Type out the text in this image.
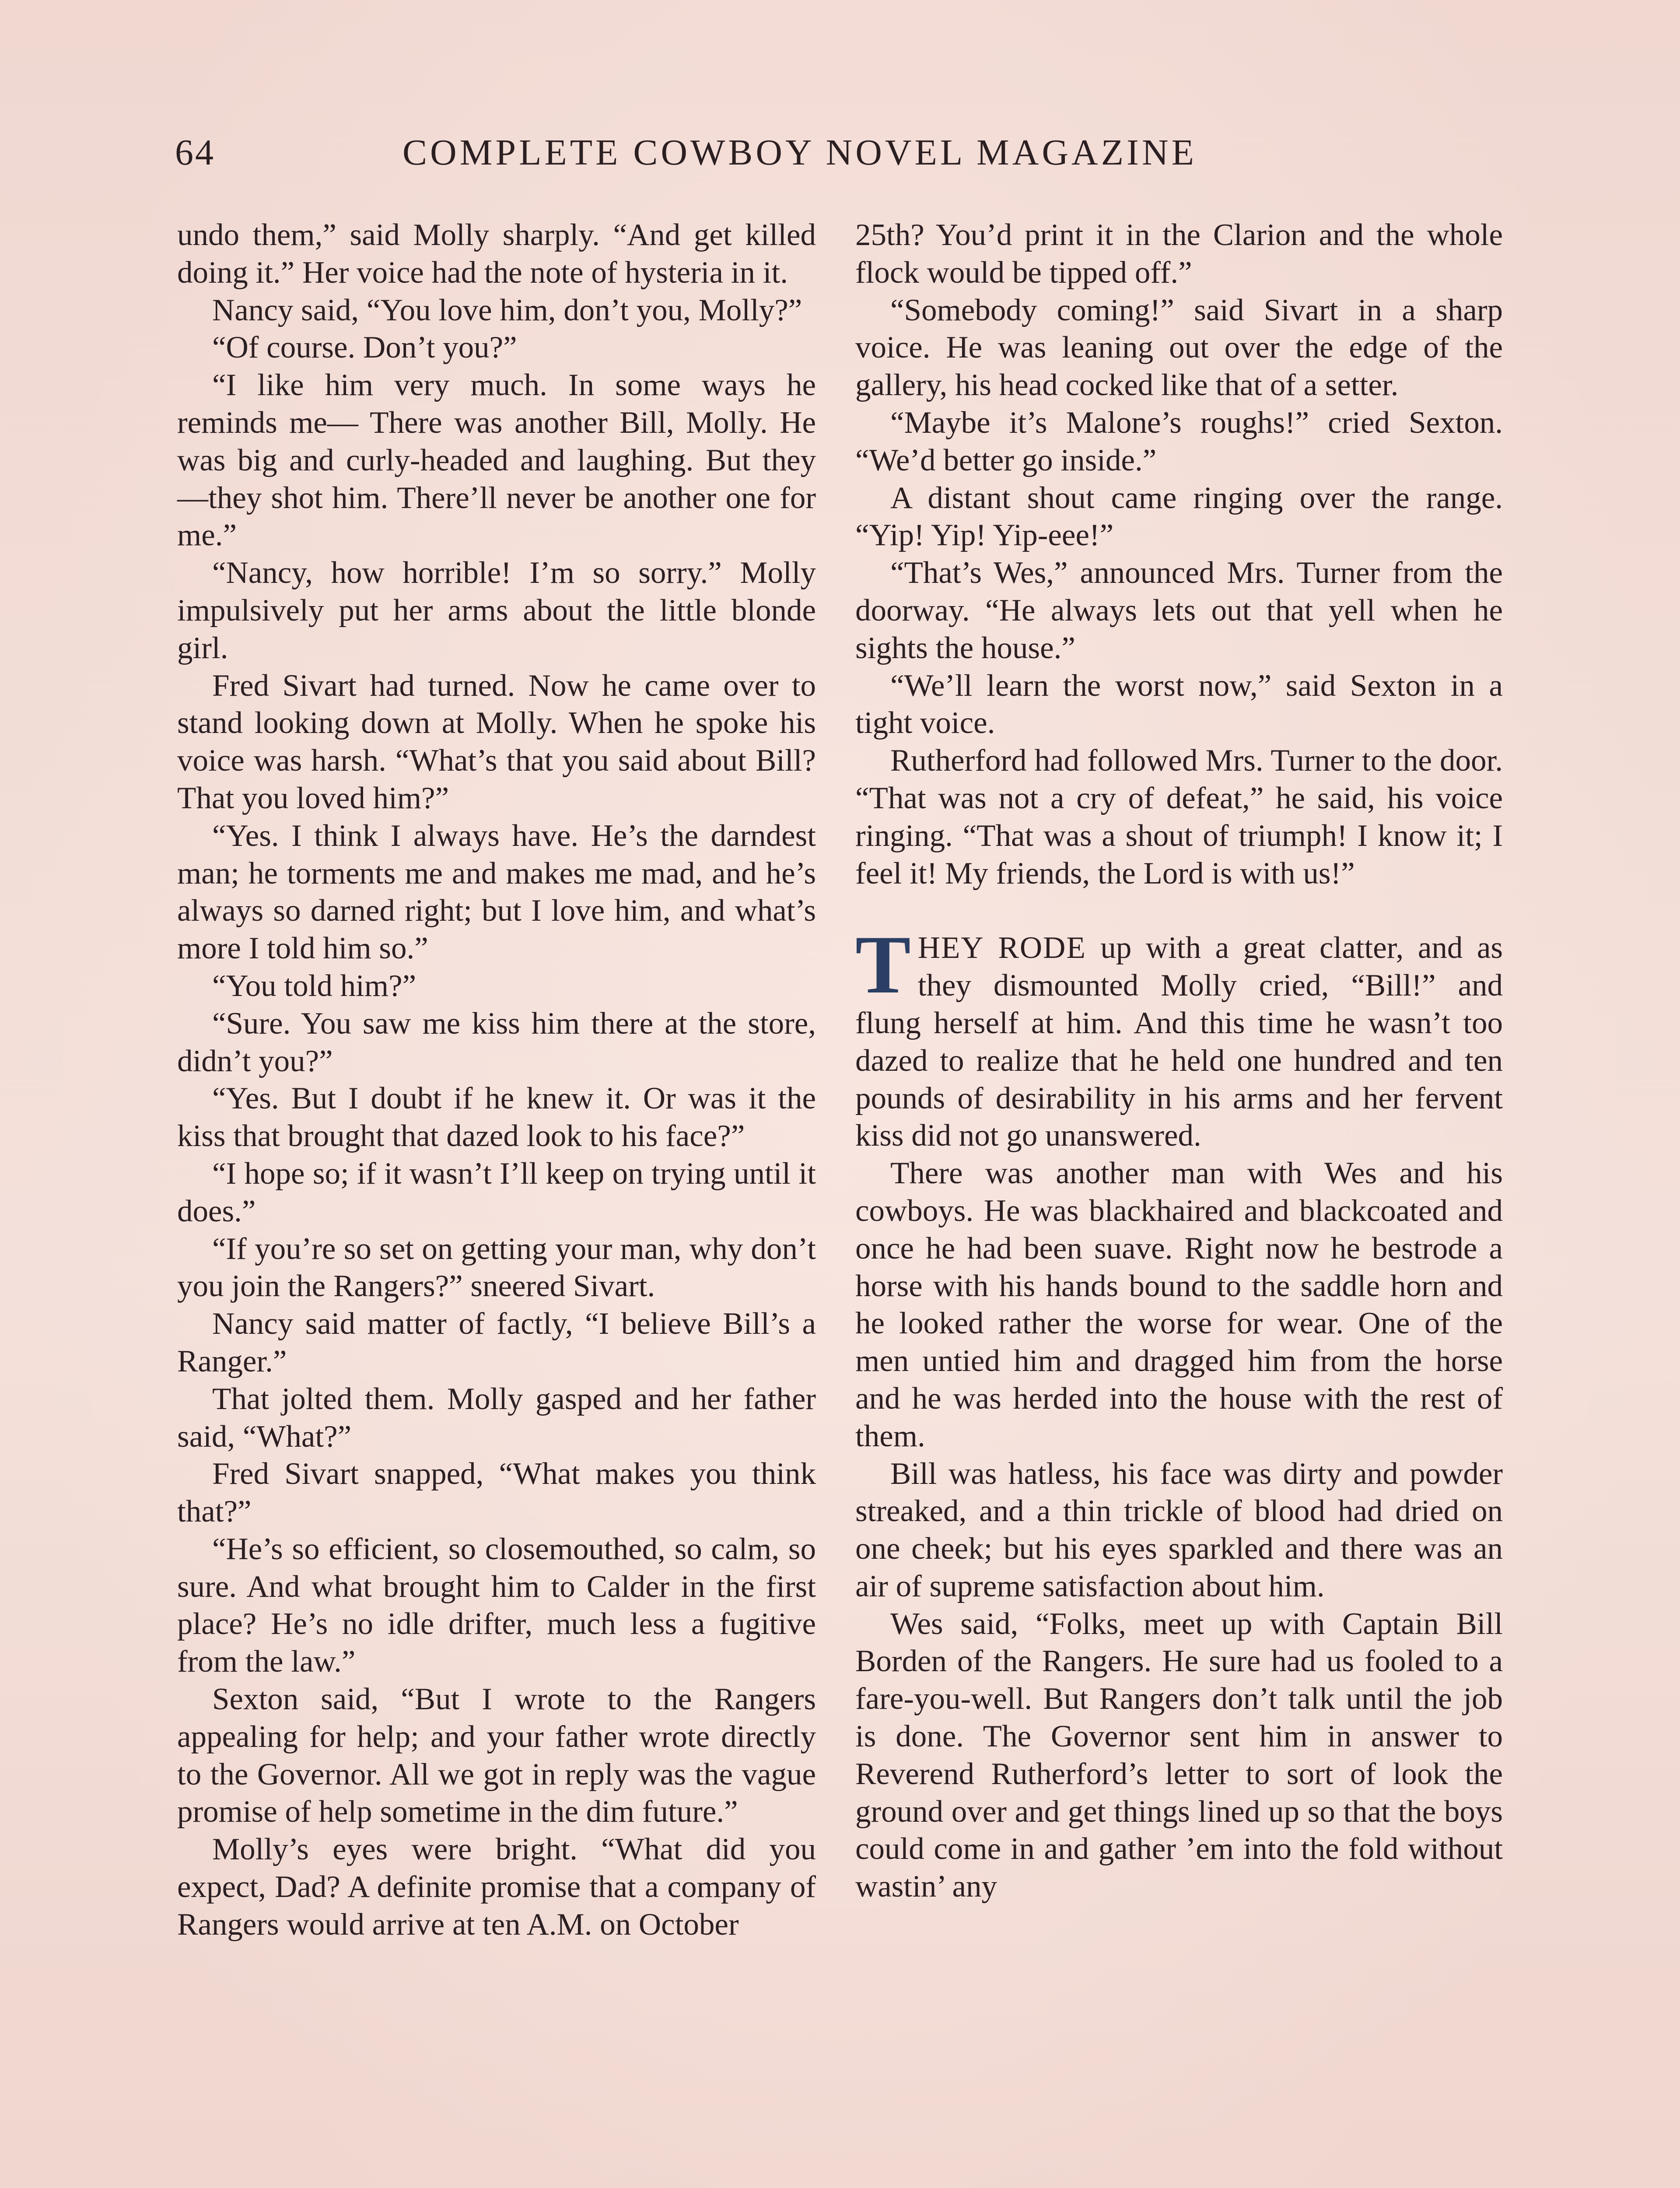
64	COMPLETE COWBOY NOVEL MAGAZINE

undo them,” said Molly sharply. “And get killed doing it.” Her voice had the note of hysteria in it.

Nancy said, “You love him, don’t you, Molly?”

“Of course. Don’t you?”

“I like him very much. In some ways he reminds me— There was another Bill, Molly. He was big and curly-headed and laughing. But they —they shot him. There’ll never be another one for me.”

“Nancy, how horrible! I’m so sorry.” Molly impulsively put her arms about the little blonde girl.

Fred Sivart had turned. Now he came over to stand looking down at Molly. When he spoke his voice was harsh. “What’s that you said about Bill? That you loved him?”

“Yes. I think I always have. He’s the darndest man; he torments me and makes me mad, and he’s always so darned right; but I love him, and what’s more I told him so.”

“You told him?”

“Sure. You saw me kiss him there at the store, didn’t you?”

“Yes. But I doubt if he knew it. Or was it the kiss that brought that dazed look to his face?”

“I hope so; if it wasn’t I’ll keep on trying until it does.”

“If you’re so set on getting your man, why don’t you join the Rangers?” sneered Sivart.

Nancy said matter of factly, “I believe Bill’s a Ranger.”

That jolted them. Molly gasped and her father said, “What?”

Fred Sivart snapped, “What makes you think that?”

“He’s so efficient, so closemouthed, so calm, so sure. And what brought him to Calder in the first place? He’s no idle drifter, much less a fugitive from the law.”

Sexton said, “But I wrote to the Rangers appealing for help; and your father wrote directly to the Governor. All we got in reply was the vague promise of help sometime in the dim future.”

Molly’s eyes were bright. “What did you expect, Dad? A definite promise that a company of Rangers would arrive at ten A.M. on October

25th? You’d print it in the Clarion and the whole flock would be tipped off.”

“Somebody coming!” said Sivart in a sharp voice. He was leaning out over the edge of the gallery, his head cocked like that of a setter.

“Maybe it’s Malone’s roughs!” cried Sexton. “We’d better go inside.”

A distant shout came ringing over the range. “Yip! Yip! Yip-eee!”

“That’s Wes,” announced Mrs. Turner from the doorway. “He always lets out that yell when he sights the house.”

“We’ll learn the worst now,” said Sexton in a tight voice.

Rutherford had followed Mrs. Turner to the door. “That was not a cry of defeat,” he said, his voice ringing. “That was a shout of triumph! I know it; I feel it! My friends, the Lord is with us!”

THEY RODE up with a great clatter, and as they dismounted Molly cried, “Bill!” and flung herself at him. And this time he wasn’t too dazed to realize that he held one hundred and ten pounds of desirability in his arms and her fervent kiss did not go unanswered.

There was another man with Wes and his cowboys. He was blackhaired and blackcoated and once he had been suave. Right now he bestrode a horse with his hands bound to the saddle horn and he looked rather the worse for wear. One of the men untied him and dragged him from the horse and he was herded into the house with the rest of them.

Bill was hatless, his face was dirty and powder streaked, and a thin trickle of blood had dried on one cheek; but his eyes sparkled and there was an air of supreme satisfaction about him.

Wes said, “Folks, meet up with Captain Bill Borden of the Rangers. He sure had us fooled to a fare-you-well. But Rangers don’t talk until the job is done. The Governor sent him in answer to Reverend Rutherford’s letter to sort of look the ground over and get things lined up so that the boys could come in and gather ’em into the fold without wastin’ any
